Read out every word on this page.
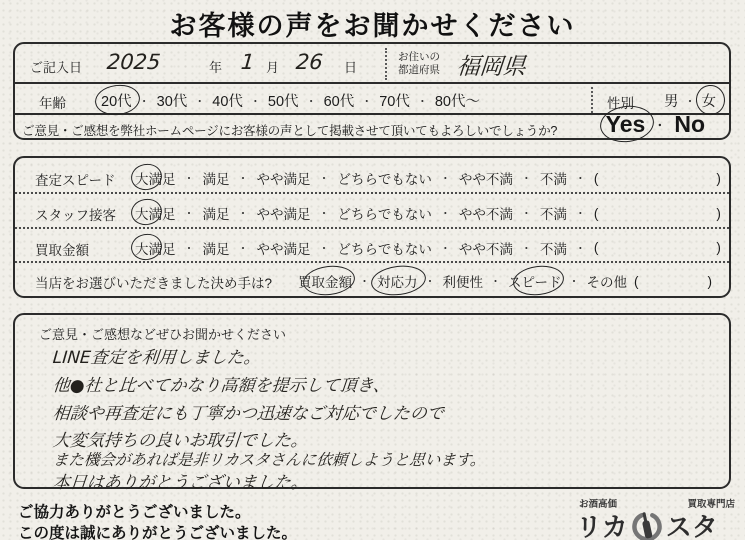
お客様の声をお聞かせください
ご記入日 2025	年 1 月 26 日
お住いの
都道府県 福岡県
年齢 20代 ・ 30代 ・ 40代 ・ 50代 ・ 60代 ・ 70代 ・ 80代～	性別 男 ・ 女
ご意見・ご感想を弊社ホームページにお客様の声として掲載させて頂いてもよろしいでしょうか? Yes ・ No
査定スピード 大満足 ・ 満足 ・ やや満足 ・ どちらでもない ・ やや不満 ・ 不満 ・ (	)
スタッフ接客 大満足 ・ 満足 ・ やや満足 ・ どちらでもない ・ やや不満 ・ 不満 ・ (	)
買取金額	大満足 ・ 満足 ・ やや満足 ・ どちらでもない ・ やや不満 ・ 不満 ・ (	)
当店をお選びいただきました決め手は? 買取金額 ・ 対応力 ・ 利便性 ・ スピード ・ その他 (	)
ご意見・ご感想などぜひお聞かせください
LINE査定を利用しました。
他●社と比べてかなり高額を提示して頂き、
相談や再査定にも丁寧かつ迅速なご対応でしたので
大変気持ちの良いお取引でした。
また機会があれば是非リカスタさんに依頼しようと思います。
本日はありがとうございました。
ご協力ありがとうございました。
この度は誠にありがとうございました。
お酒高価	買取専門店
リカ スタ
